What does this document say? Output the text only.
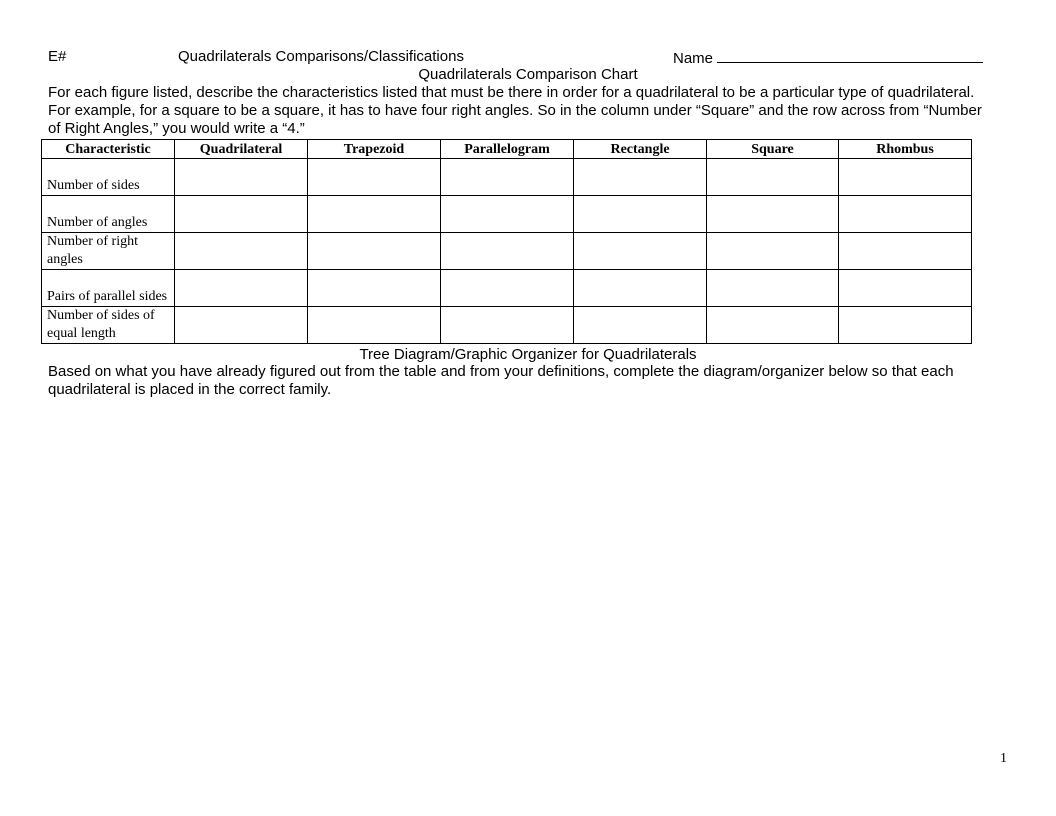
E#	Quadrilaterals Comparisons/Classifications	Name
Quadrilaterals Comparison Chart
For each figure listed, describe the characteristics listed that must be there in order for a quadrilateral to be a particular type of quadrilateral. For example, for a square to be a square, it has to have four right angles. So in the column under “Square” and the row across from “Number of Right Angles,” you would write a “4.”
Characteristic	Quadrilateral	Trapezoid	Parallelogram	Rectangle	Square	Rhombus
Number of sides						
Number of angles						
Number of right angles						
Pairs of parallel sides						
Number of sides of equal length						
Tree Diagram/Graphic Organizer for Quadrilaterals
Based on what you have already figured out from the table and from your definitions, complete the diagram/organizer below so that each quadrilateral is placed in the correct family.
1
